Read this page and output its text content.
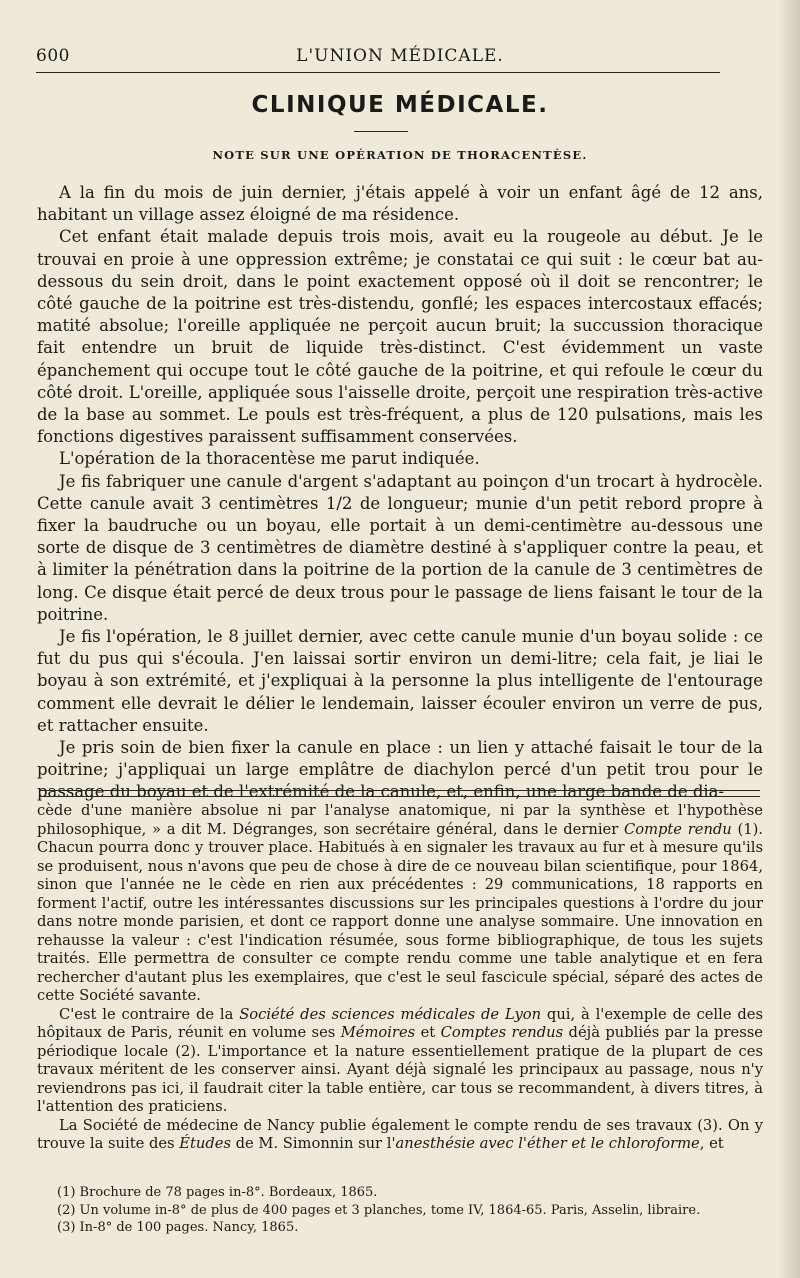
600	L'UNION MÉDICALE.
CLINIQUE MÉDICALE.
NOTE SUR UNE OPÉRATION DE THORACENTÈSE.

A la fin du mois de juin dernier, j'étais appelé à voir un enfant âgé de 12 ans, habitant un village assez éloigné de ma résidence.

Cet enfant était malade depuis trois mois, avait eu la rougeole au début. Je le trouvai en proie à une oppression extrême; je constatai ce qui suit : le cœur bat au-dessous du sein droit, dans le point exactement opposé où il doit se rencontrer; le côté gauche de la poitrine est très-distendu, gonflé; les espaces intercostaux effacés; matité absolue; l'oreille appliquée ne perçoit aucun bruit; la succussion thoracique fait entendre un bruit de liquide très-distinct. C'est évidemment un vaste épanchement qui occupe tout le côté gauche de la poitrine, et qui refoule le cœur du côté droit. L'oreille, appliquée sous l'aisselle droite, perçoit une respiration très-active de la base au sommet. Le pouls est très-fréquent, a plus de 120 pulsations, mais les fonctions digestives paraissent suffisamment conservées.

L'opération de la thoracentèse me parut indiquée.

Je fis fabriquer une canule d'argent s'adaptant au poinçon d'un trocart à hydrocèle. Cette canule avait 3 centimètres 1/2 de longueur; munie d'un petit rebord propre à fixer la baudruche ou un boyau, elle portait à un demi-centimètre au-dessous une sorte de disque de 3 centimètres de diamètre destiné à s'appliquer contre la peau, et à limiter la pénétration dans la poitrine de la portion de la canule de 3 centimètres de long. Ce disque était percé de deux trous pour le passage de liens faisant le tour de la poitrine.

Je fis l'opération, le 8 juillet dernier, avec cette canule munie d'un boyau solide : ce fut du pus qui s'écoula. J'en laissai sortir environ un demi-litre; cela fait, je liai le boyau à son extrémité, et j'expliquai à la personne la plus intelligente de l'entourage comment elle devrait le délier le lendemain, laisser écouler environ un verre de pus, et rattacher ensuite.

Je pris soin de bien fixer la canule en place : un lien y attaché faisait le tour de la poitrine; j'appliquai un large emplâtre de diachylon percé d'un petit trou pour le passage du boyau et de l'extrémité de la canule, et, enfin, une large bande de dia-

cède d'une manière absolue ni par l'analyse anatomique, ni par la synthèse et l'hypothèse philosophique, » a dit M. Dégranges, son secrétaire général, dans le dernier Compte rendu (1). Chacun pourra donc y trouver place. Habitués à en signaler les travaux au fur et à mesure qu'ils se produisent, nous n'avons que peu de chose à dire de ce nouveau bilan scientifique, pour 1864, sinon que l'année ne le cède en rien aux précédentes : 29 communications, 18 rapports en forment l'actif, outre les intéressantes discussions sur les principales questions à l'ordre du jour dans notre monde parisien, et dont ce rapport donne une analyse sommaire. Une innovation en rehausse la valeur : c'est l'indication résumée, sous forme bibliographique, de tous les sujets traités. Elle permettra de consulter ce compte rendu comme une table analytique et en fera rechercher d'autant plus les exemplaires, que c'est le seul fascicule spécial, séparé des actes de cette Société savante.

C'est le contraire de la Société des sciences médicales de Lyon qui, à l'exemple de celle des hôpitaux de Paris, réunit en volume ses Mémoires et Comptes rendus déjà publiés par la presse périodique locale (2). L'importance et la nature essentiellement pratique de la plupart de ces travaux méritent de les conserver ainsi. Ayant déjà signalé les principaux au passage, nous n'y reviendrons pas ici, il faudrait citer la table entière, car tous se recommandent, à divers titres, à l'attention des praticiens.

La Société de médecine de Nancy publie également le compte rendu de ses travaux (3). On y trouve la suite des Études de M. Simonnin sur l'anesthésie avec l'éther et le chloroforme, et

(1) Brochure de 78 pages in-8°. Bordeaux, 1865.
(2) Un volume in-8° de plus de 400 pages et 3 planches, tome IV, 1864-65. Paris, Asselin, libraire.
(3) In-8° de 100 pages. Nancy, 1865.
